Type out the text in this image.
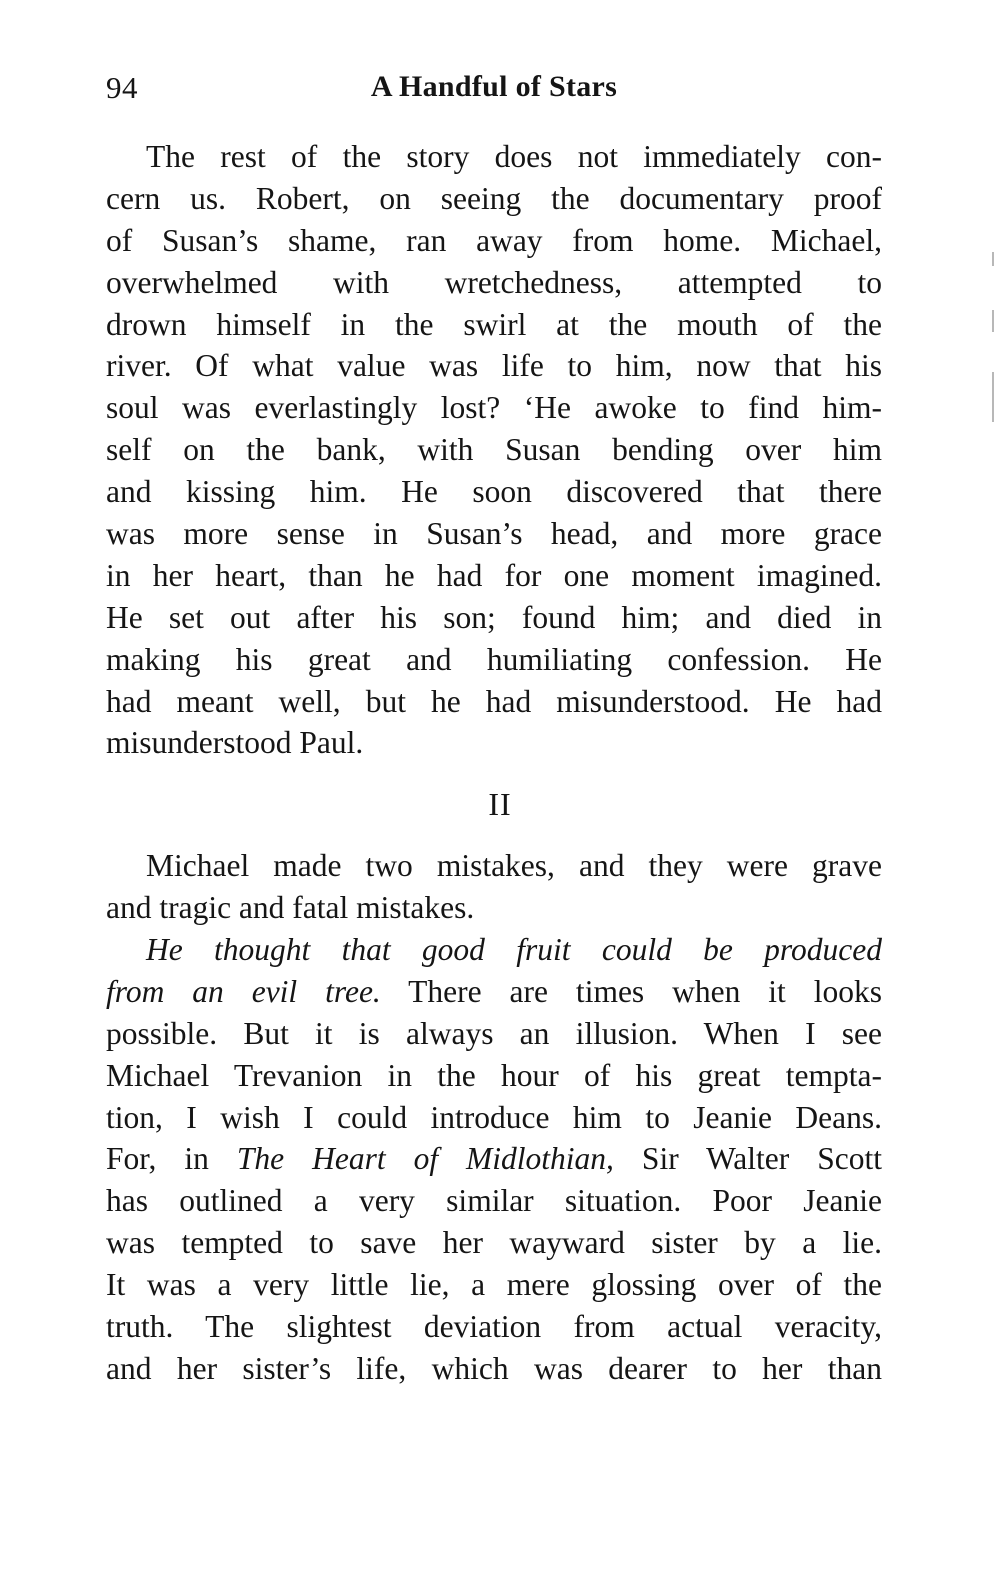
94	A Handful of Stars
The rest of the story does not immediately con-
cern us. Robert, on seeing the documentary proof
of Susan’s shame, ran away from home. Michael,
overwhelmed with wretchedness, attempted to
drown himself in the swirl at the mouth of the
river. Of what value was life to him, now that his
soul was everlastingly lost? ‘He awoke to find him-
self on the bank, with Susan bending over him
and kissing him. He soon discovered that there
was more sense in Susan’s head, and more grace
in her heart, than he had for one moment imagined.
He set out after his son; found him; and died in
making his great and humiliating confession. He
had meant well, but he had misunderstood. He had
misunderstood Paul.
II
Michael made two mistakes, and they were grave
and tragic and fatal mistakes.
He thought that good fruit could be produced
from an evil tree. There are times when it looks
possible. But it is always an illusion. When I see
Michael Trevanion in the hour of his great tempta-
tion, I wish I could introduce him to Jeanie Deans.
For, in The Heart of Midlothian, Sir Walter Scott
has outlined a very similar situation. Poor Jeanie
was tempted to save her wayward sister by a lie.
It was a very little lie, a mere glossing over of the
truth. The slightest deviation from actual veracity,
and her sister’s life, which was dearer to her than
